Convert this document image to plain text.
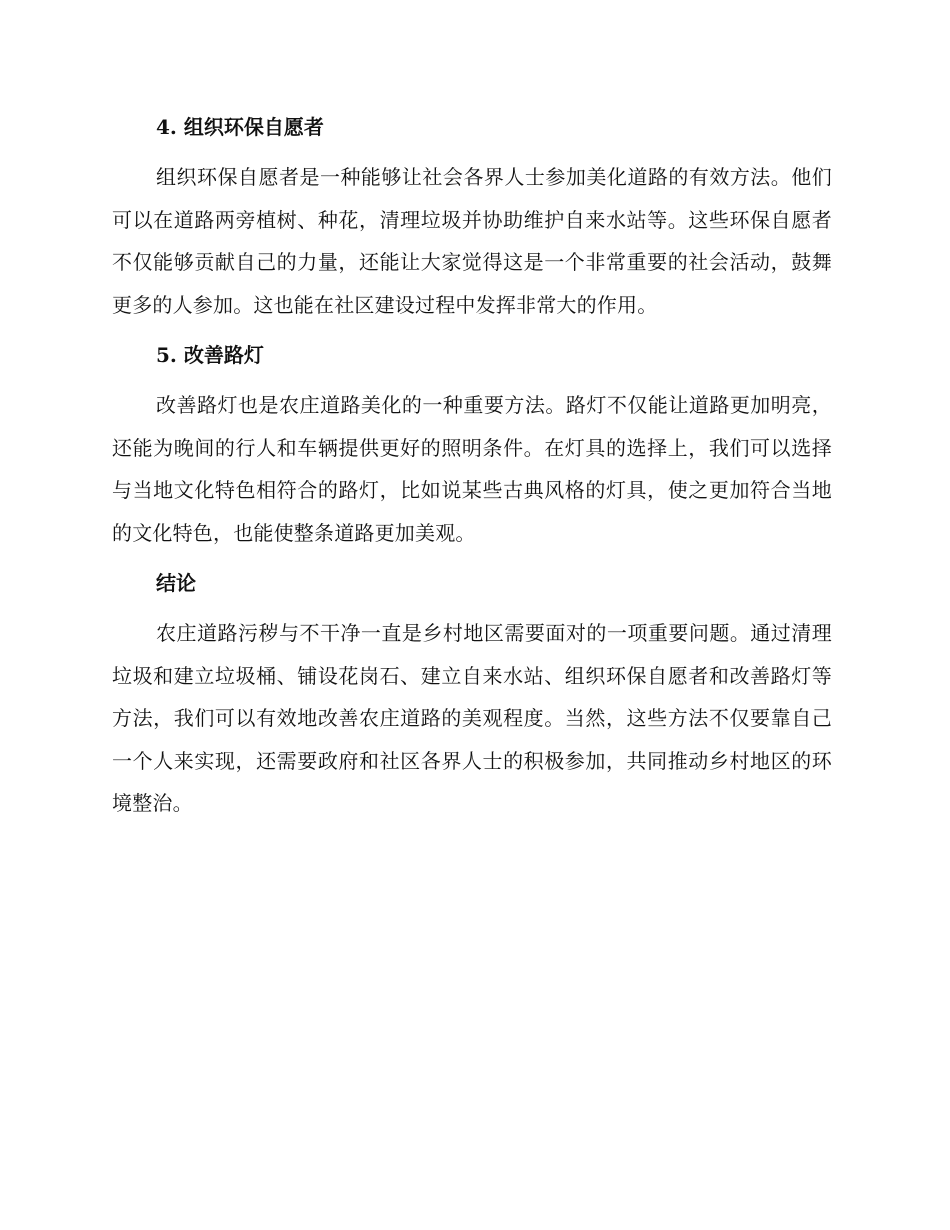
4. 组织环保自愿者

组织环保自愿者是一种能够让社会各界人士参加美化道路的有效方法。他们可以在道路两旁植树、种花，清理垃圾并协助维护自来水站等。这些环保自愿者不仅能够贡献自己的力量，还能让大家觉得这是一个非常重要的社会活动，鼓舞更多的人参加。这也能在社区建设过程中发挥非常大的作用。

5. 改善路灯

改善路灯也是农庄道路美化的一种重要方法。路灯不仅能让道路更加明亮，还能为晚间的行人和车辆提供更好的照明条件。在灯具的选择上，我们可以选择与当地文化特色相符合的路灯，比如说某些古典风格的灯具，使之更加符合当地的文化特色，也能使整条道路更加美观。

结论

农庄道路污秽与不干净一直是乡村地区需要面对的一项重要问题。通过清理垃圾和建立垃圾桶、铺设花岗石、建立自来水站、组织环保自愿者和改善路灯等方法，我们可以有效地改善农庄道路的美观程度。当然，这些方法不仅要靠自己一个人来实现，还需要政府和社区各界人士的积极参加，共同推动乡村地区的环境整治。
